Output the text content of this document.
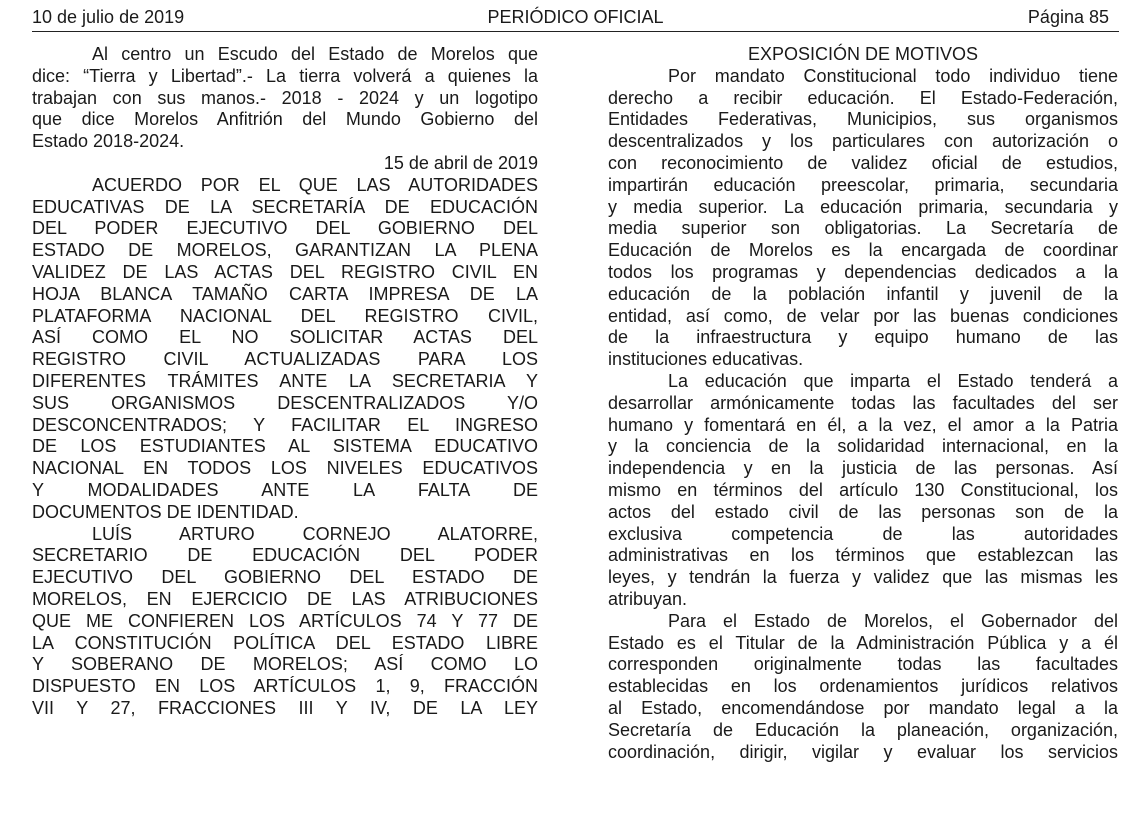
10 de julio de 2019	PERIÓDICO OFICIAL	Página 85
Al centro un Escudo del Estado de Morelos que
dice: “Tierra y Libertad”.- La tierra volverá a quienes la
trabajan con sus manos.- 2018 - 2024 y un logotipo
que dice Morelos Anfitrión del Mundo Gobierno del
Estado 2018-2024.
15 de abril de 2019
ACUERDO POR EL QUE LAS AUTORIDADES
EDUCATIVAS DE LA SECRETARÍA DE EDUCACIÓN
DEL PODER EJECUTIVO DEL GOBIERNO DEL
ESTADO DE MORELOS, GARANTIZAN LA PLENA
VALIDEZ DE LAS ACTAS DEL REGISTRO CIVIL EN
HOJA BLANCA TAMAÑO CARTA IMPRESA DE LA
PLATAFORMA NACIONAL DEL REGISTRO CIVIL,
ASÍ COMO EL NO SOLICITAR ACTAS DEL
REGISTRO CIVIL ACTUALIZADAS PARA LOS
DIFERENTES TRÁMITES ANTE LA SECRETARIA Y
SUS ORGANISMOS DESCENTRALIZADOS Y/O
DESCONCENTRADOS; Y FACILITAR EL INGRESO
DE LOS ESTUDIANTES AL SISTEMA EDUCATIVO
NACIONAL EN TODOS LOS NIVELES EDUCATIVOS
Y MODALIDADES ANTE LA FALTA DE
DOCUMENTOS DE IDENTIDAD.
LUÍS ARTURO CORNEJO ALATORRE,
SECRETARIO DE EDUCACIÓN DEL PODER
EJECUTIVO DEL GOBIERNO DEL ESTADO DE
MORELOS, EN EJERCICIO DE LAS ATRIBUCIONES
QUE ME CONFIEREN LOS ARTÍCULOS 74 Y 77 DE
LA CONSTITUCIÓN POLÍTICA DEL ESTADO LIBRE
Y SOBERANO DE MORELOS; ASÍ COMO LO
DISPUESTO EN LOS ARTÍCULOS 1, 9, FRACCIÓN
VII Y 27, FRACCIONES III Y IV, DE LA LEY
EXPOSICIÓN DE MOTIVOS
Por mandato Constitucional todo individuo tiene
derecho a recibir educación. El Estado-Federación,
Entidades Federativas, Municipios, sus organismos
descentralizados y los particulares con autorización o
con reconocimiento de validez oficial de estudios,
impartirán educación preescolar, primaria, secundaria
y media superior. La educación primaria, secundaria y
media superior son obligatorias. La Secretaría de
Educación de Morelos es la encargada de coordinar
todos los programas y dependencias dedicados a la
educación de la población infantil y juvenil de la
entidad, así como, de velar por las buenas condiciones
de la infraestructura y equipo humano de las
instituciones educativas.
La educación que imparta el Estado tenderá a
desarrollar armónicamente todas las facultades del ser
humano y fomentará en él, a la vez, el amor a la Patria
y la conciencia de la solidaridad internacional, en la
independencia y en la justicia de las personas. Así
mismo en términos del artículo 130 Constitucional, los
actos del estado civil de las personas son de la
exclusiva competencia de las autoridades
administrativas en los términos que establezcan las
leyes, y tendrán la fuerza y validez que las mismas les
atribuyan.
Para el Estado de Morelos, el Gobernador del
Estado es el Titular de la Administración Pública y a él
corresponden originalmente todas las facultades
establecidas en los ordenamientos jurídicos relativos
al Estado, encomendándose por mandato legal a la
Secretaría de Educación la planeación, organización,
coordinación, dirigir, vigilar y evaluar los servicios
